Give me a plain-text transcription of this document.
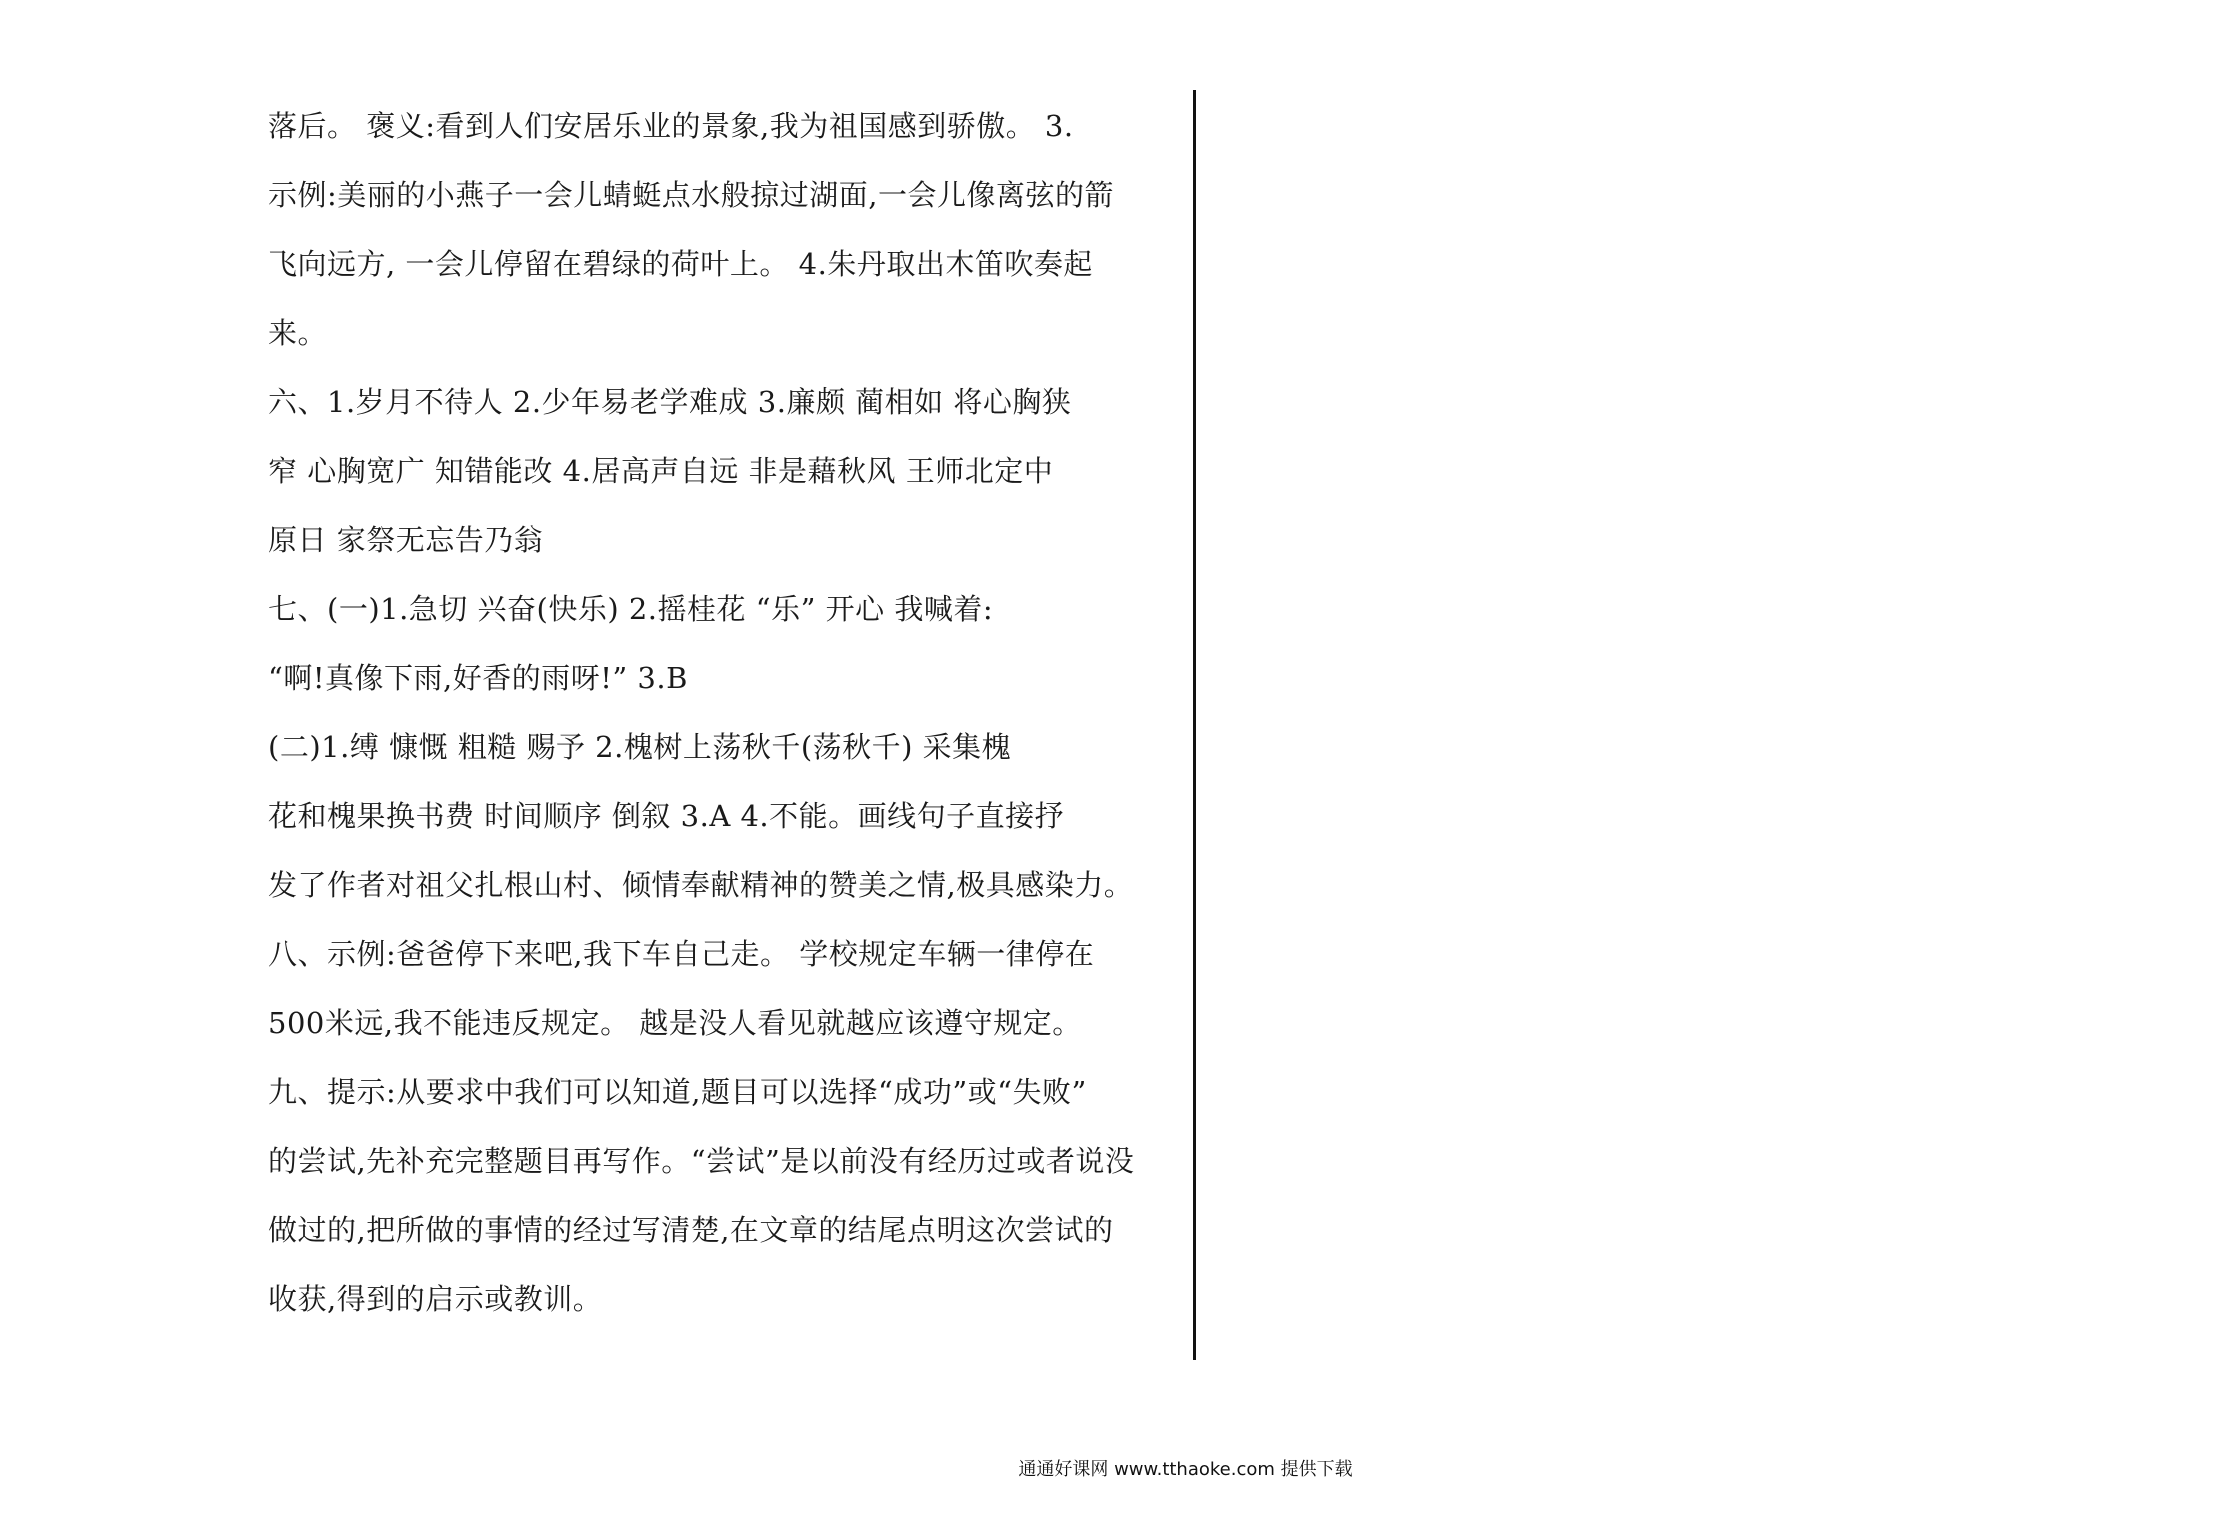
落后。 褒义:看到人们安居乐业的景象,我为祖国感到骄傲。 3.
示例:美丽的小燕子一会儿蜻蜓点水般掠过湖面,一会儿像离弦的箭
飞向远方, 一会儿停留在碧绿的荷叶上。 4.朱丹取出木笛吹奏起
来。
六、1.岁月不待人 2.少年易老学难成 3.廉颇 蔺相如 将心胸狭
窄 心胸宽广 知错能改 4.居高声自远 非是藉秋风 王师北定中
原日 家祭无忘告乃翁
七、(一)1.急切 兴奋(快乐) 2.摇桂花 “乐” 开心 我喊着:
“啊!真像下雨,好香的雨呀!” 3.B
(二)1.缚 慷慨 粗糙 赐予 2.槐树上荡秋千(荡秋千) 采集槐
花和槐果换书费 时间顺序 倒叙 3.A 4.不能。画线句子直接抒
发了作者对祖父扎根山村、倾情奉献精神的赞美之情,极具感染力。
八、示例:爸爸停下来吧,我下车自己走。 学校规定车辆一律停在
500米远,我不能违反规定。 越是没人看见就越应该遵守规定。
九、提示:从要求中我们可以知道,题目可以选择“成功”或“失败”
的尝试,先补充完整题目再写作。“尝试”是以前没有经历过或者说没
做过的,把所做的事情的经过写清楚,在文章的结尾点明这次尝试的
收获,得到的启示或教训。
通通好课网 www.tthaoke.com 提供下载
